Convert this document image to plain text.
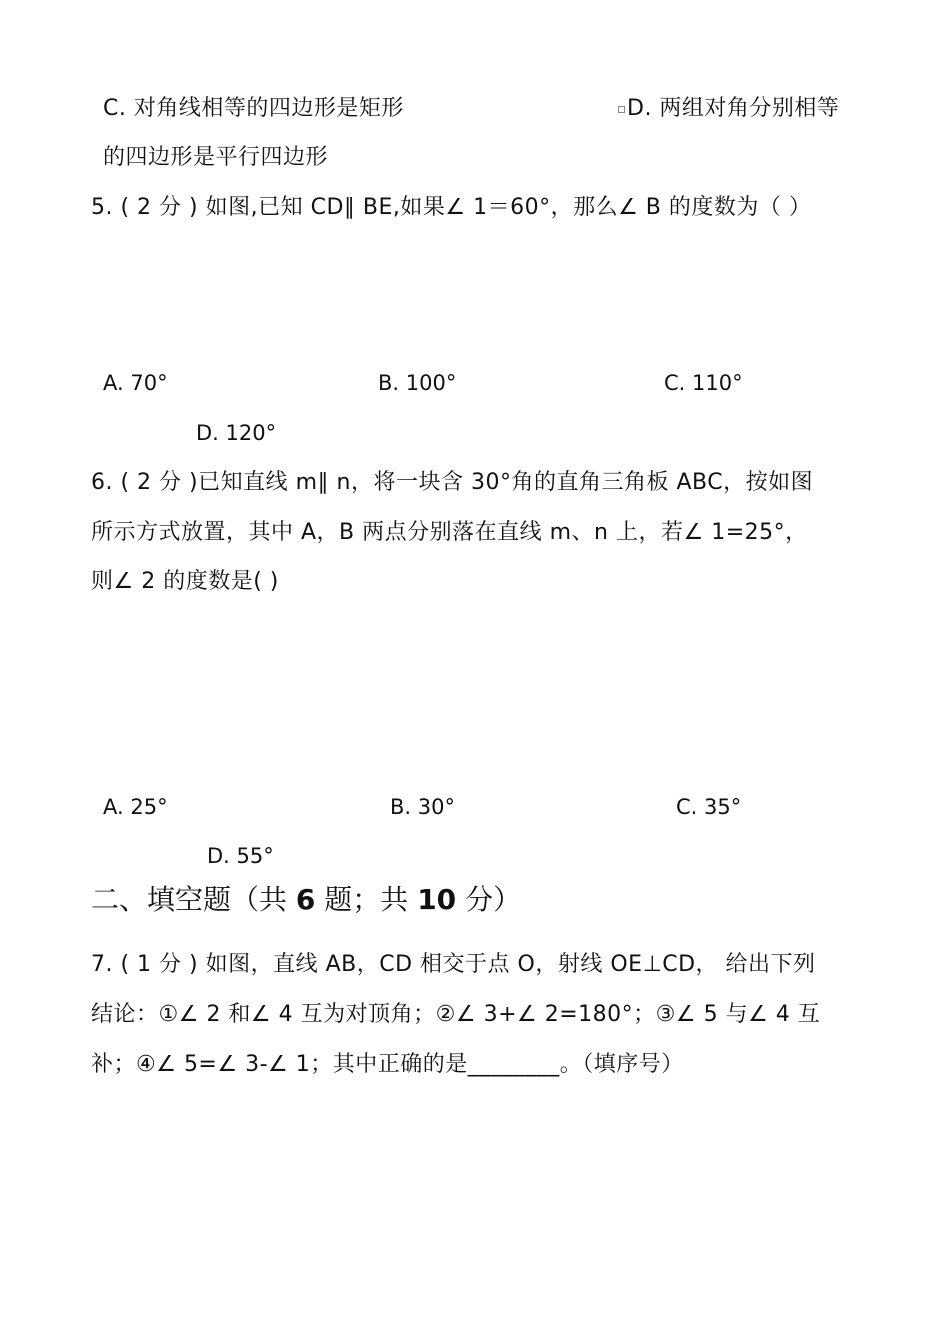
C. 对角线相等的四边形是矩形	D. 两组对角分别相等
的四边形是平行四边形
5. ( 2 分 ) 如图,已知 CD∥ BE,如果∠ 1＝60°，那么∠ B 的度数为（ ）
A. 70°	B. 100°	C. 110°
D. 120°
6. ( 2 分 )已知直线 m∥ n，将一块含 30°角的直角三角板 ABC，按如图
所示方式放置，其中 A，B 两点分别落在直线 m、n 上，若∠ 1=25°，
则∠ 2 的度数是( )
A. 25°	B. 30°	C. 35°
D. 55°
二、填空题（共 6 题；共 10 分）
7. ( 1 分 ) 如图，直线 AB，CD 相交于点 O，射线 OE⊥CD， 给出下列
结论：①∠ 2 和∠ 4 互为对顶角；②∠ 3+∠ 2=180°；③∠ 5 与∠ 4 互
补；④∠ 5=∠ 3-∠ 1；其中正确的是________。（填序号）
